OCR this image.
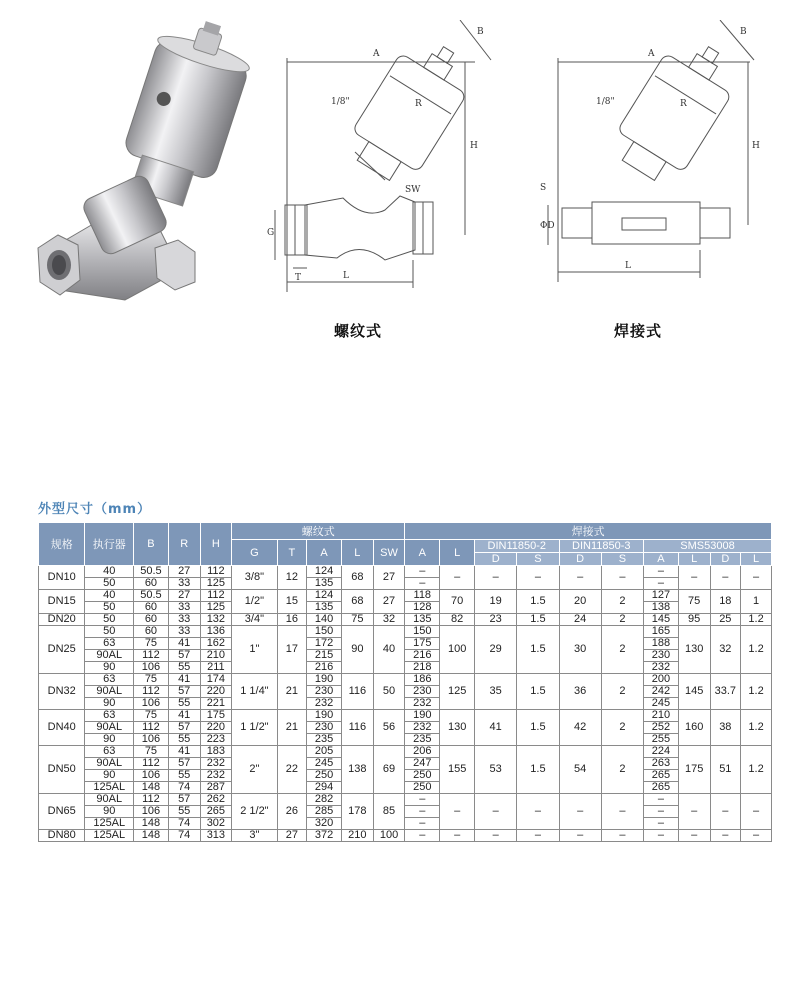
A
B
R
H
G
T	L
SW
1/8"
A
B
R
H
S
ΦD
L
1/8"
螺纹式	焊接式
外型尺寸（mm）
规格	执行器	B	R	H	螺纹式					焊接式									
					G	T	A	L	SW	A	L	DIN11850-2		DIN11850-3		SMS53008			
												D	S	D	S	A	L	D	L
DN10	40	50.5	27	112	3/8"	12	124	68	27	–	–	–	–	–	–	–	–	–	–
	50	60	33	125			135			–						–			
DN15	40	50.5	27	112	1/2"	15	124	68	27	118	70	19	1.5	20	2	127	75	18	1
	50	60	33	125			135			128						138			
DN20	50	60	33	132	3/4"	16	140	75	32	135	82	23	1.5	24	2	145	95	25	1.2
DN25	50	60	33	136	1"	17	150	90	40	150	100	29	1.5	30	2	165	130	32	1.2
	63	75	41	162			172			175						188			
	90AL	112	57	210			215			216						230			
	90	106	55	211			216			218						232			
DN32	63	75	41	174	1 1/4"	21	190	116	50	186	125	35	1.5	36	2	200	145	33.7	1.2
	90AL	112	57	220			230			230						242			
	90	106	55	221			232			232						245			
DN40	63	75	41	175	1 1/2"	21	190	116	56	190	130	41	1.5	42	2	210	160	38	1.2
	90AL	112	57	220			230			232						252			
	90	106	55	223			235			235						255			
DN50	63	75	41	183	2"	22	205	138	69	206	155	53	1.5	54	2	224	175	51	1.2
	90AL	112	57	232			245			247						263			
	90	106	55	232			250			250						265			
	125AL	148	74	287			294			250						265			
DN65	90AL	112	57	262	2 1/2"	26	282	178	85	–	–	–	–	–	–	–	–	–	–
	90	106	55	265			285			–						–			
	125AL	148	74	302			320			–						–			
DN80	125AL	148	74	313	3"	27	372	210	100	–	–	–	–	–	–	–	–	–	–
